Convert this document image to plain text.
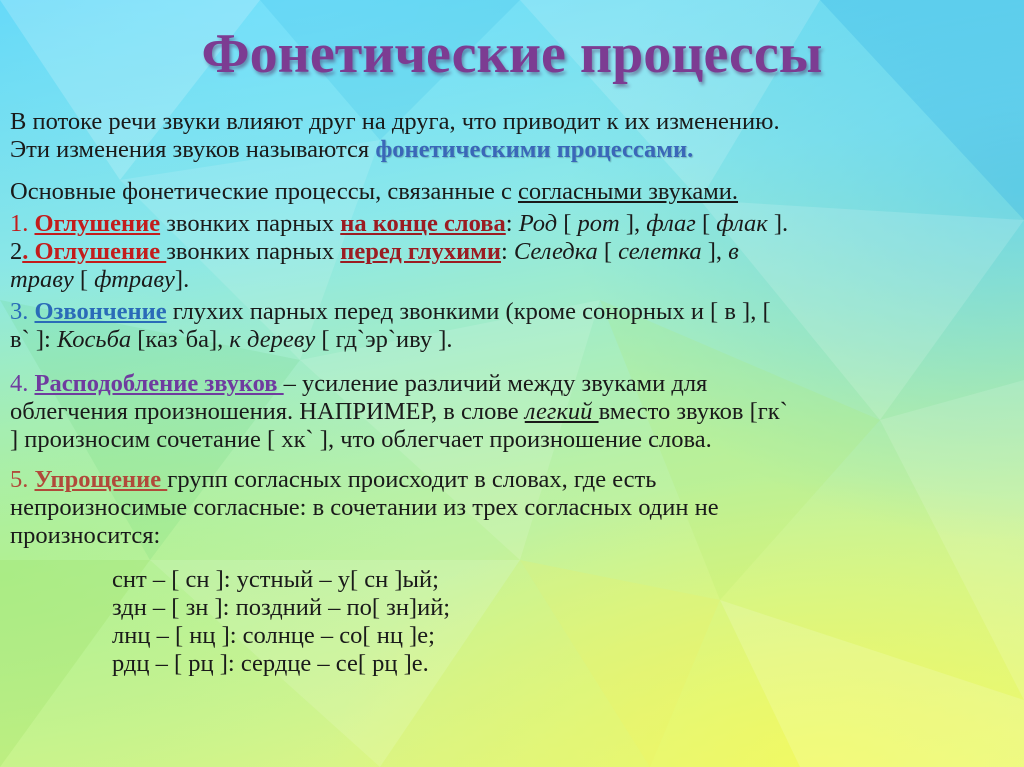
Фонетические процессы
В потоке речи звуки влияют друг на друга, что приводит к их изменению.
Эти изменения звуков называются фонетическими процессами.
Основные фонетические процессы, связанные с согласными звуками.
1. Оглушение звонких парных на конце слова: Род [ рот ], флаг [ флак ].
2. Оглушение звонких парных перед глухими: Селедка [ селетка ], в
траву [ фтраву].
3. Озвончение глухих парных перед звонкими (кроме сонорных и [ в ], [
в` ]: Косьба [каз`ба], к дереву [ гд`эр`иву ].
4. Расподобление звуков – усиление различий между звуками для
облегчения произношения. НАПРИМЕР, в слове легкий вместо звуков [гк`
] произносим сочетание [ хк` ], что облегчает произношение слова.
5. Упрощение групп согласных происходит в словах, где есть
непроизносимые согласные: в сочетании из трех согласных один не
произносится:
снт – [ сн ]: устный – у[ сн ]ый;
здн – [ зн ]: поздний – по[ зн]ий;
лнц – [ нц ]: солнце – со[ нц ]е;
рдц – [ рц ]: сердце – се[ рц ]е.
